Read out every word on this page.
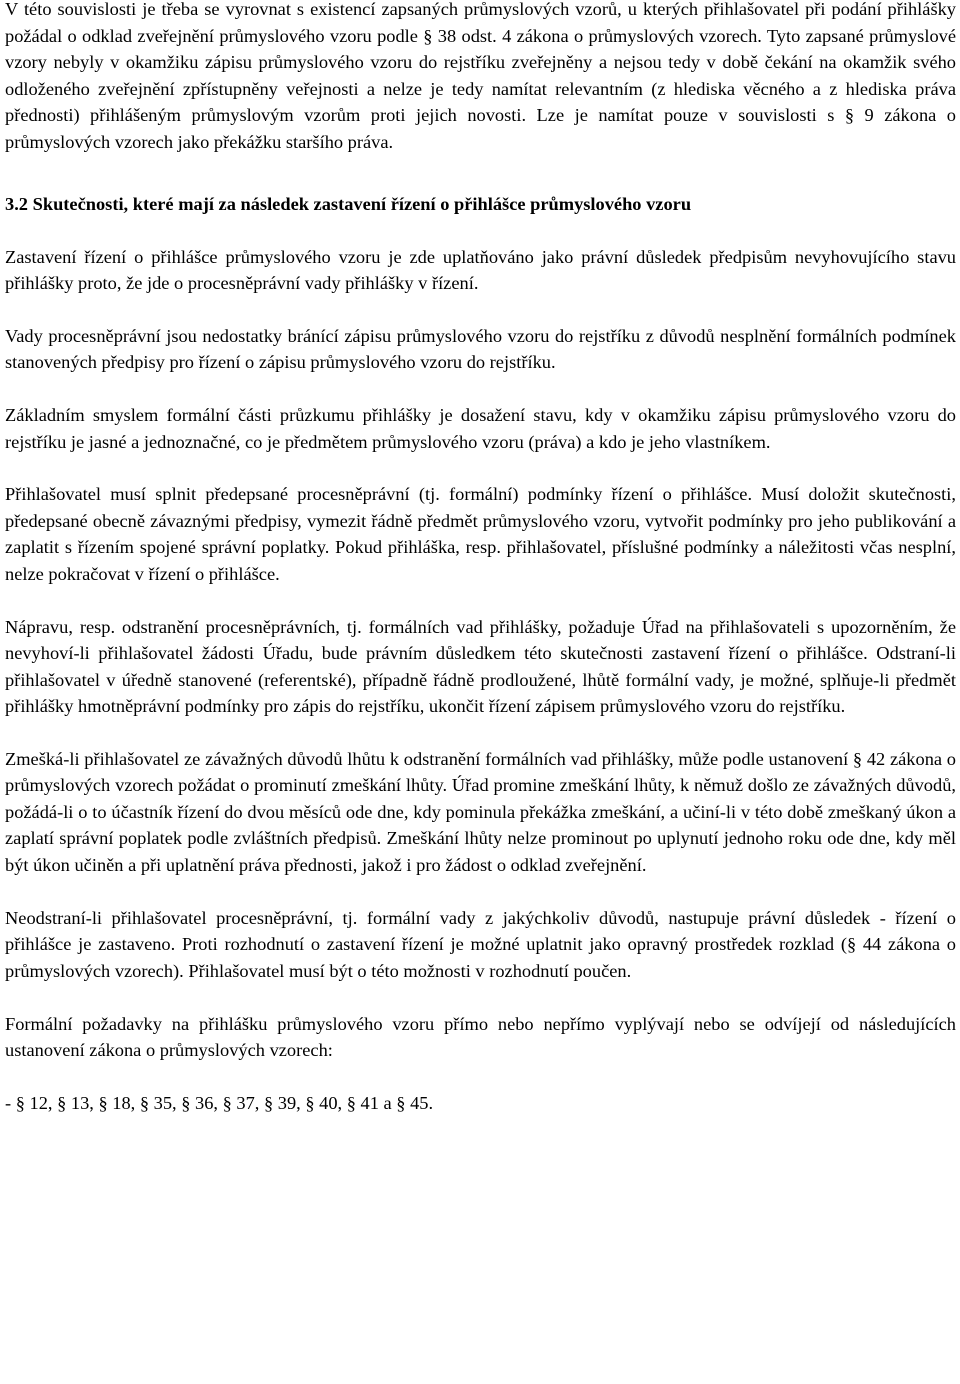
V této souvislosti je třeba se vyrovnat s existencí zapsaných průmyslových vzorů, u kterých přihlašovatel při podání přihlášky požádal o odklad zveřejnění průmyslového vzoru podle § 38 odst. 4 zákona o průmyslových vzorech. Tyto zapsané průmyslové vzory nebyly v okamžiku zápisu průmyslového vzoru do rejstříku zveřejněny a nejsou tedy v době čekání na okamžik svého odloženého zveřejnění zpřístupněny veřejnosti a nelze je tedy namítat relevantním (z hlediska věcného a z hlediska práva přednosti) přihlášeným průmyslovým vzorům proti jejich novosti. Lze je namítat pouze v souvislosti s § 9 zákona o průmyslových vzorech jako překážku staršího práva.

3.2 Skutečnosti, které mají za následek zastavení řízení o přihlášce průmyslového vzoru

Zastavení řízení o přihlášce průmyslového vzoru je zde uplatňováno jako právní důsledek předpisům nevyhovujícího stavu přihlášky proto, že jde o procesněprávní vady přihlášky v řízení.

Vady procesněprávní jsou nedostatky bránící zápisu průmyslového vzoru do rejstříku z důvodů nesplnění formálních podmínek stanovených předpisy pro řízení o zápisu průmyslového vzoru do rejstříku.

Základním smyslem formální části průzkumu přihlášky je dosažení stavu, kdy v okamžiku zápisu průmyslového vzoru do rejstříku je jasné a jednoznačné, co je předmětem průmyslového vzoru (práva) a kdo je jeho vlastníkem.

Přihlašovatel musí splnit předepsané procesněprávní (tj. formální) podmínky řízení o přihlášce. Musí doložit skutečnosti, předepsané obecně závaznými předpisy, vymezit řádně předmět průmyslového vzoru, vytvořit podmínky pro jeho publikování a zaplatit s řízením spojené správní poplatky. Pokud přihláška, resp. přihlašovatel, příslušné podmínky a náležitosti včas nesplní, nelze pokračovat v řízení o přihlášce.

Nápravu, resp. odstranění procesněprávních, tj. formálních vad přihlášky, požaduje Úřad na přihlašovateli s upozorněním, že nevyhoví-li přihlašovatel žádosti Úřadu, bude právním důsledkem této skutečnosti zastavení řízení o přihlášce. Odstraní-li přihlašovatel v úředně stanovené (referentské), případně řádně prodloužené, lhůtě formální vady, je možné, splňuje-li předmět přihlášky hmotněprávní podmínky pro zápis do rejstříku, ukončit řízení zápisem průmyslového vzoru do rejstříku.

Zmešká-li přihlašovatel ze závažných důvodů lhůtu k odstranění formálních vad přihlášky, může podle ustanovení § 42 zákona o průmyslových vzorech požádat o prominutí zmeškání lhůty. Úřad promine zmeškání lhůty, k němuž došlo ze závažných důvodů, požádá-li o to účastník řízení do dvou měsíců ode dne, kdy pominula překážka zmeškání, a učiní-li v této době zmeškaný úkon a zaplatí správní poplatek podle zvláštních předpisů. Zmeškání lhůty nelze prominout po uplynutí jednoho roku ode dne, kdy měl být úkon učiněn a při uplatnění práva přednosti, jakož i pro žádost o odklad zveřejnění.

Neodstraní-li přihlašovatel procesněprávní, tj. formální vady z jakýchkoliv důvodů, nastupuje právní důsledek - řízení o přihlášce je zastaveno. Proti rozhodnutí o zastavení řízení je možné uplatnit jako opravný prostředek rozklad (§ 44 zákona o průmyslových vzorech). Přihlašovatel musí být o této možnosti v rozhodnutí poučen.

Formální požadavky na přihlášku průmyslového vzoru přímo nebo nepřímo vyplývají nebo se odvíjejí od následujících ustanovení zákona o průmyslových vzorech:

- § 12, § 13, § 18, § 35, § 36, § 37, § 39, § 40, § 41 a § 45.
